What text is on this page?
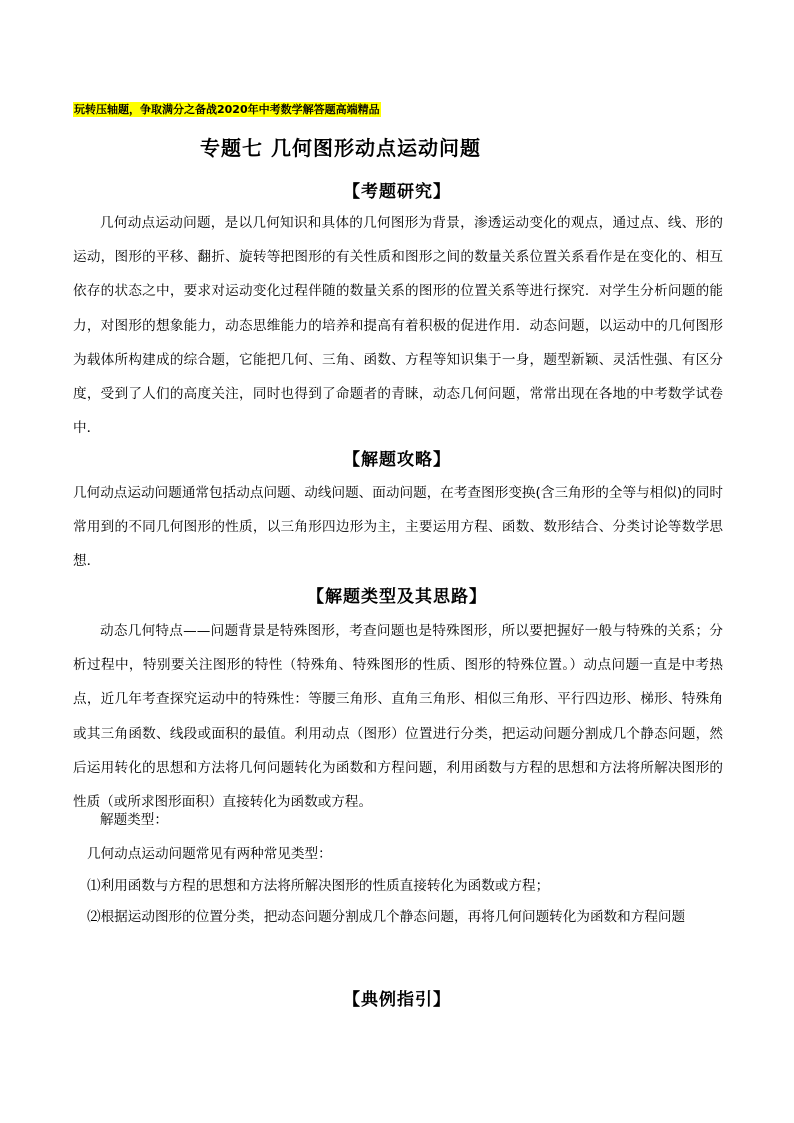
玩转压轴题，争取满分之备战2020年中考数学解答题高端精品
专题七 几何图形动点运动问题
【考题研究】
几何动点运动问题，是以几何知识和具体的几何图形为背景，渗透运动变化的观点，通过点、线、形的运动，图形的平移、翻折、旋转等把图形的有关性质和图形之间的数量关系位置关系看作是在变化的、相互依存的状态之中，要求对运动变化过程伴随的数量关系的图形的位置关系等进行探究．对学生分析问题的能力，对图形的想象能力，动态思维能力的培养和提高有着积极的促进作用．动态问题，以运动中的几何图形为载体所构建成的综合题，它能把几何、三角、函数、方程等知识集于一身，题型新颖、灵活性强、有区分度，受到了人们的高度关注，同时也得到了命题者的青睐，动态几何问题，常常出现在各地的中考数学试卷中．
【解题攻略】
几何动点运动问题通常包括动点问题、动线问题、面动问题，在考查图形变换(含三角形的全等与相似)的同时常用到的不同几何图形的性质，以三角形四边形为主，主要运用方程、函数、数形结合、分类讨论等数学思想．
【解题类型及其思路】
动态几何特点——问题背景是特殊图形，考查问题也是特殊图形，所以要把握好一般与特殊的关系；分析过程中，特别要关注图形的特性（特殊角、特殊图形的性质、图形的特殊位置。）动点问题一直是中考热点，近几年考查探究运动中的特殊性：等腰三角形、直角三角形、相似三角形、平行四边形、梯形、特殊角或其三角函数、线段或面积的最值。利用动点（图形）位置进行分类，把运动问题分割成几个静态问题，然后运用转化的思想和方法将几何问题转化为函数和方程问题，利用函数与方程的思想和方法将所解决图形的性质（或所求图形面积）直接转化为函数或方程。
解题类型：
几何动点运动问题常见有两种常见类型：
⑴利用函数与方程的思想和方法将所解决图形的性质直接转化为函数或方程；
⑵根据运动图形的位置分类，把动态问题分割成几个静态问题，再将几何问题转化为函数和方程问题
【典例指引】
